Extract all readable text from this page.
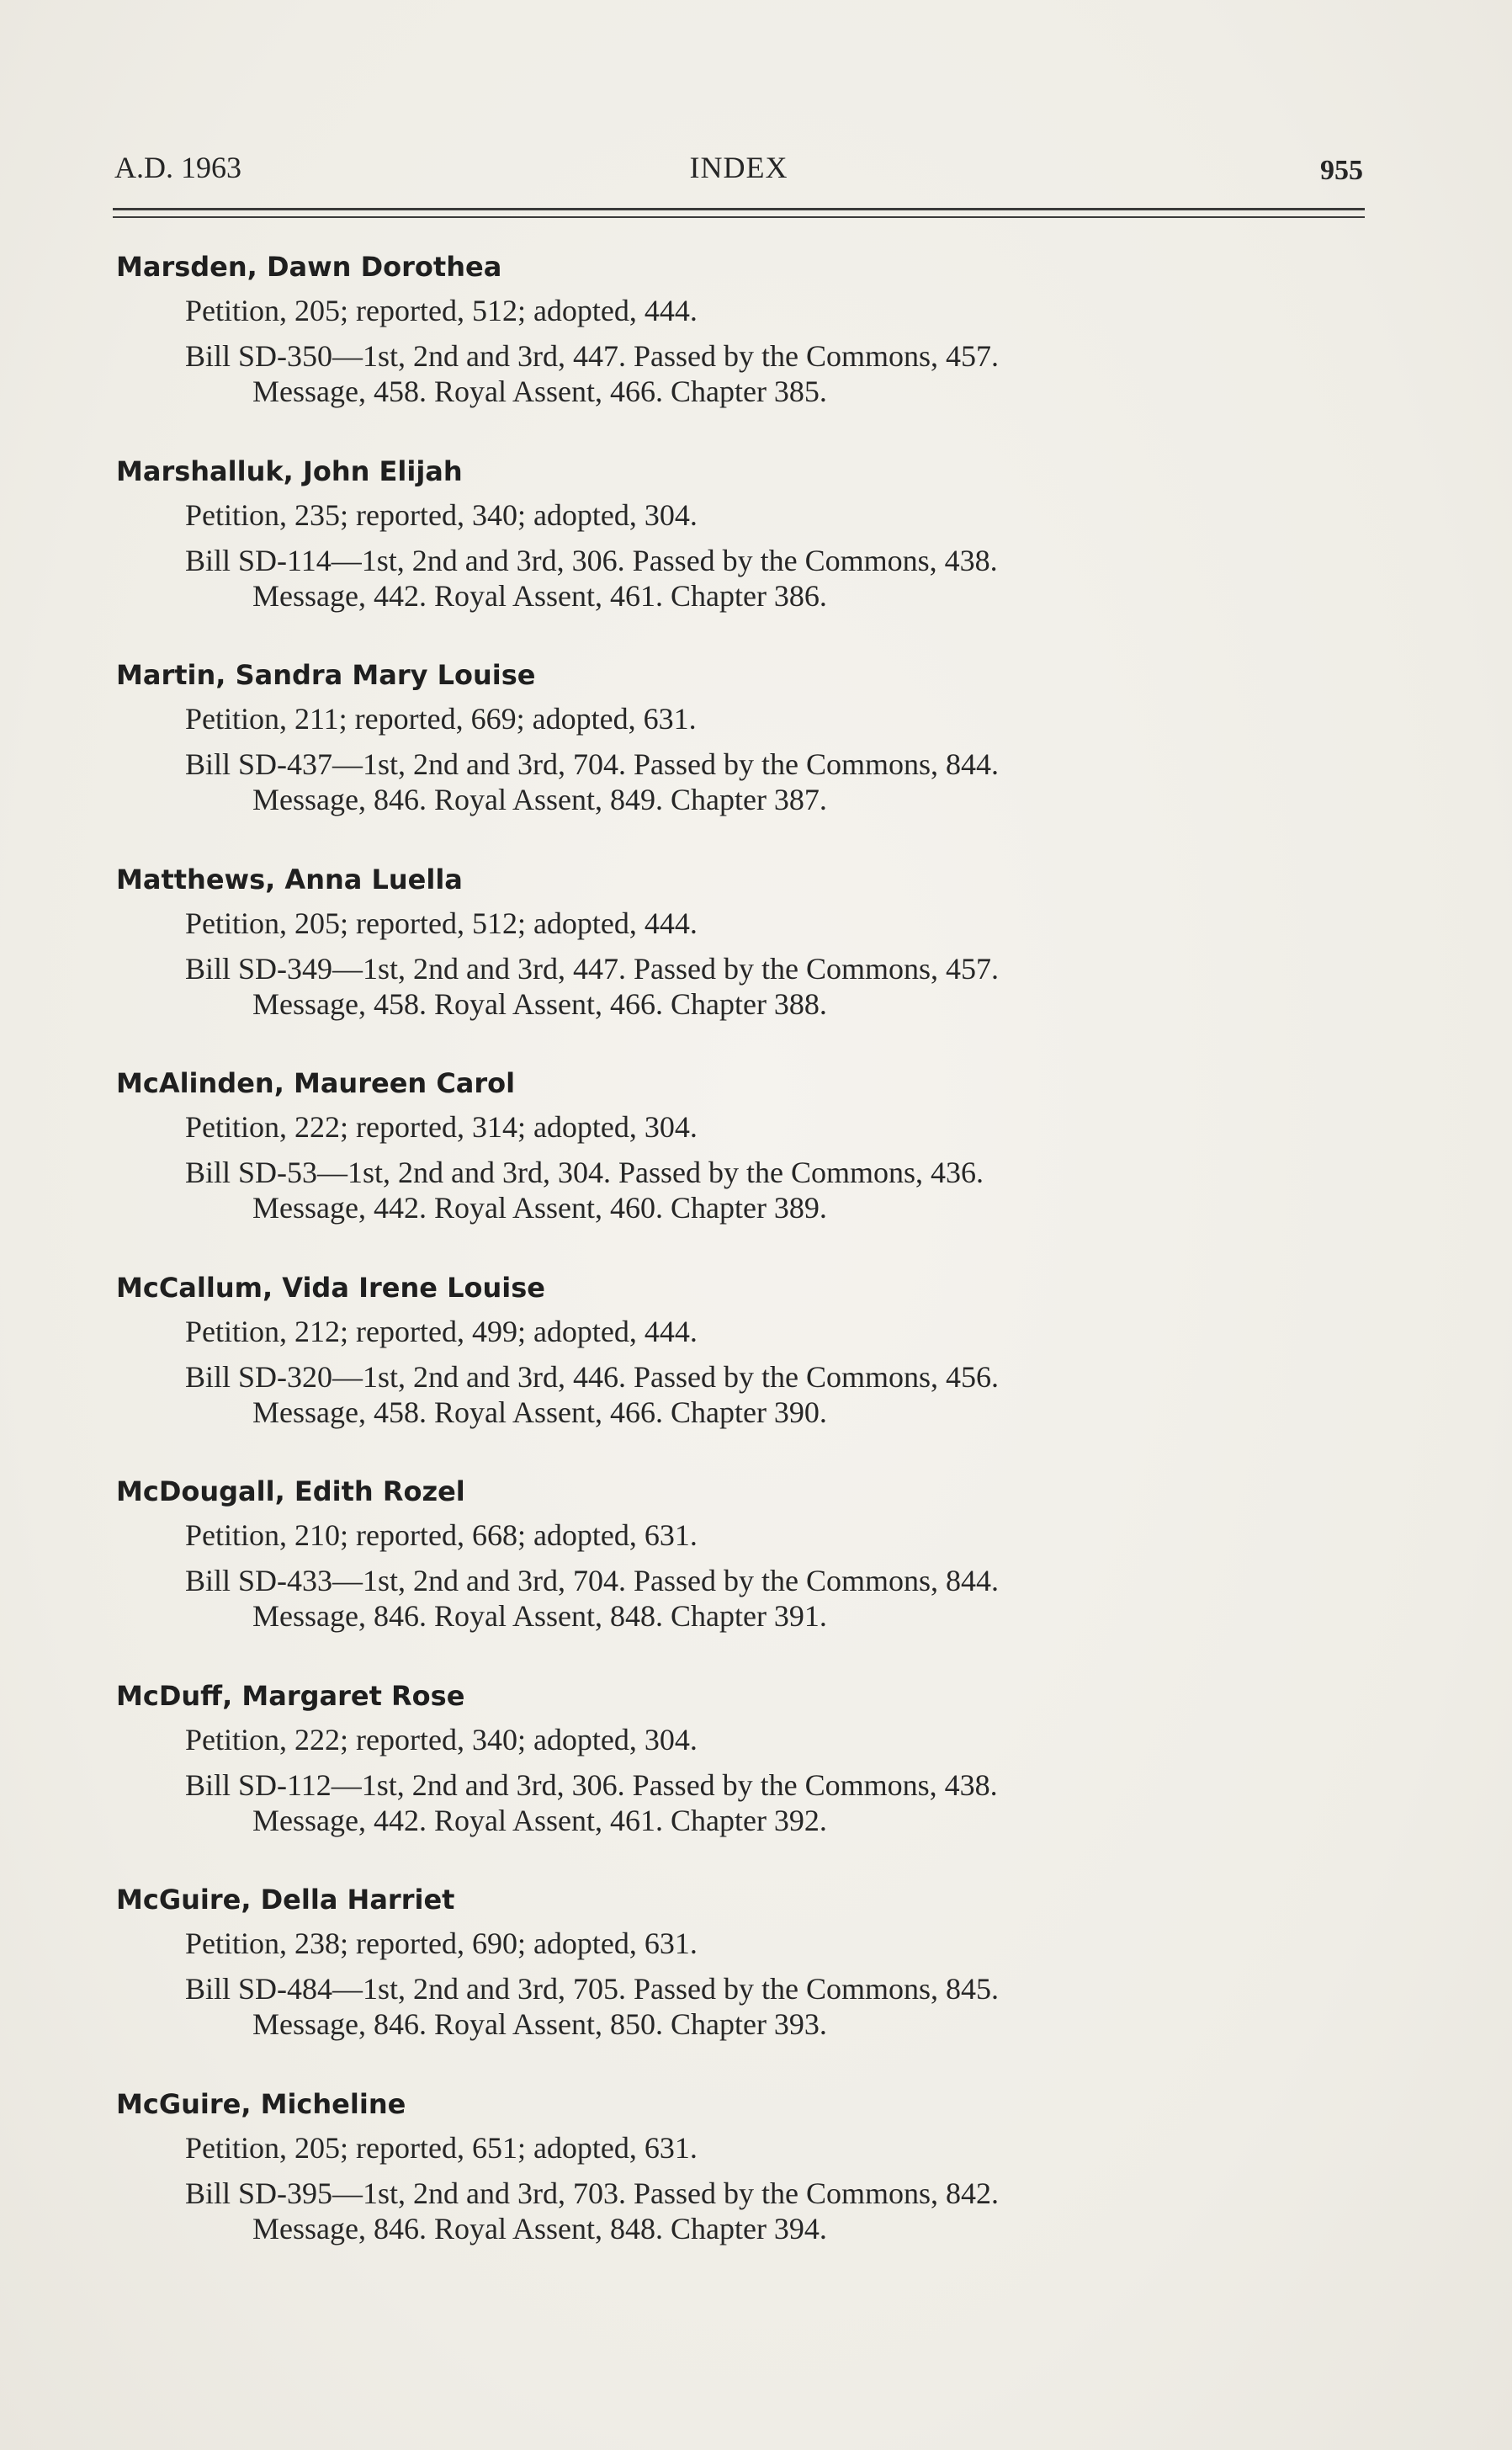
A.D. 1963	INDEX	955
Marsden, Dawn Dorothea
Petition, 205; reported, 512; adopted, 444.
Bill SD-350—1st, 2nd and 3rd, 447. Passed by the Commons, 457.
Message, 458. Royal Assent, 466. Chapter 385.
Marshalluk, John Elijah
Petition, 235; reported, 340; adopted, 304.
Bill SD-114—1st, 2nd and 3rd, 306. Passed by the Commons, 438.
Message, 442. Royal Assent, 461. Chapter 386.
Martin, Sandra Mary Louise
Petition, 211; reported, 669; adopted, 631.
Bill SD-437—1st, 2nd and 3rd, 704. Passed by the Commons, 844.
Message, 846. Royal Assent, 849. Chapter 387.
Matthews, Anna Luella
Petition, 205; reported, 512; adopted, 444.
Bill SD-349—1st, 2nd and 3rd, 447. Passed by the Commons, 457.
Message, 458. Royal Assent, 466. Chapter 388.
McAlinden, Maureen Carol
Petition, 222; reported, 314; adopted, 304.
Bill SD-53—1st, 2nd and 3rd, 304. Passed by the Commons, 436.
Message, 442. Royal Assent, 460. Chapter 389.
McCallum, Vida Irene Louise
Petition, 212; reported, 499; adopted, 444.
Bill SD-320—1st, 2nd and 3rd, 446. Passed by the Commons, 456.
Message, 458. Royal Assent, 466. Chapter 390.
McDougall, Edith Rozel
Petition, 210; reported, 668; adopted, 631.
Bill SD-433—1st, 2nd and 3rd, 704. Passed by the Commons, 844.
Message, 846. Royal Assent, 848. Chapter 391.
McDuff, Margaret Rose
Petition, 222; reported, 340; adopted, 304.
Bill SD-112—1st, 2nd and 3rd, 306. Passed by the Commons, 438.
Message, 442. Royal Assent, 461. Chapter 392.
McGuire, Della Harriet
Petition, 238; reported, 690; adopted, 631.
Bill SD-484—1st, 2nd and 3rd, 705. Passed by the Commons, 845.
Message, 846. Royal Assent, 850. Chapter 393.
McGuire, Micheline
Petition, 205; reported, 651; adopted, 631.
Bill SD-395—1st, 2nd and 3rd, 703. Passed by the Commons, 842.
Message, 846. Royal Assent, 848. Chapter 394.
